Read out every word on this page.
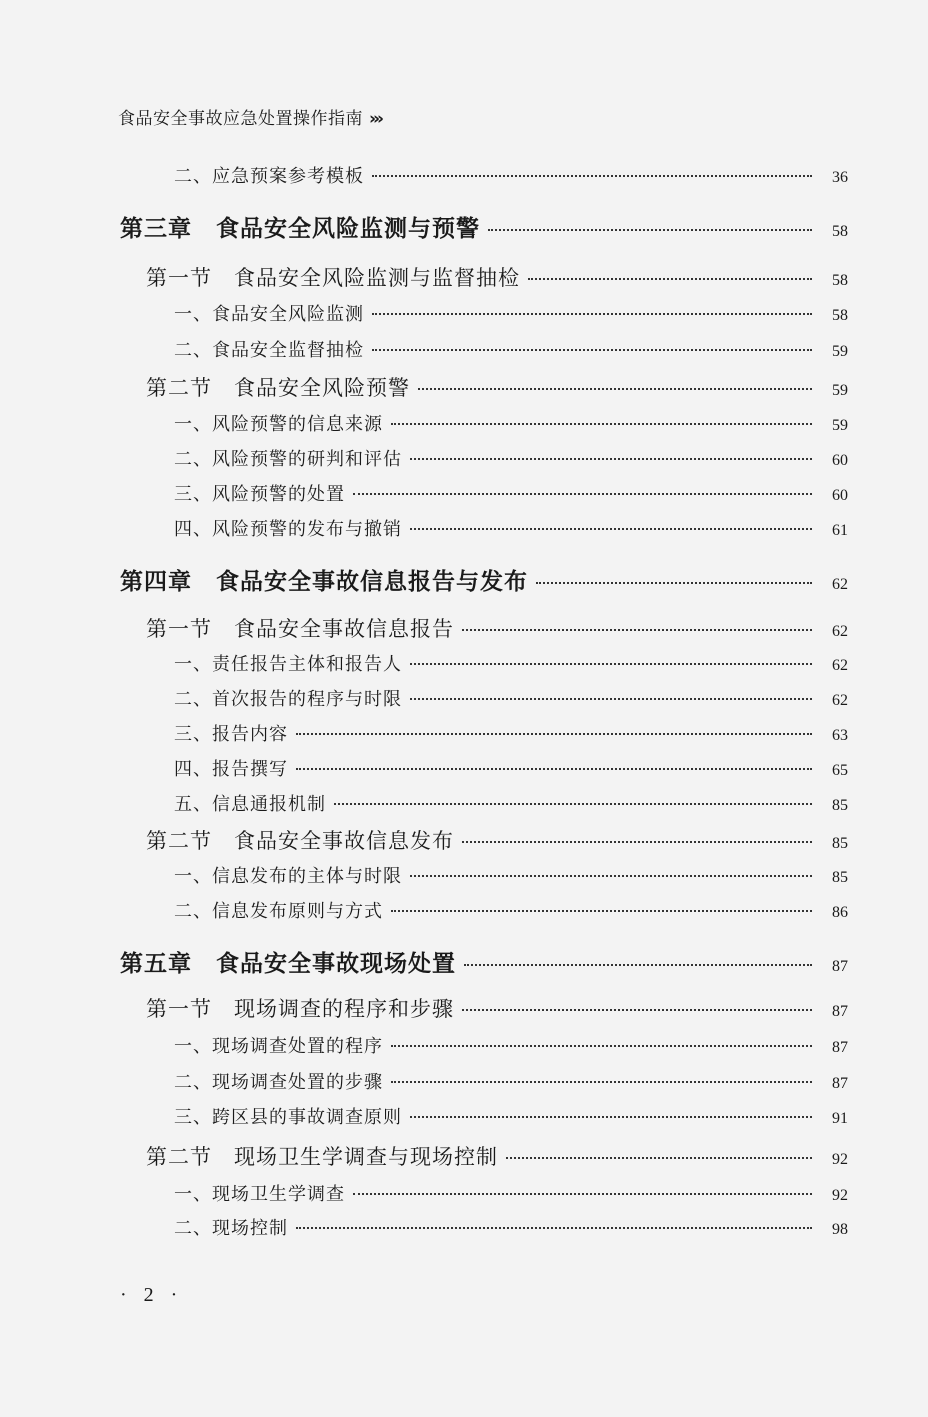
食品安全事故应急处置操作指南 ›››
二、应急预案参考模板	36
第三章　食品安全风险监测与预警	58
第一节　食品安全风险监测与监督抽检	58
一、食品安全风险监测	58
二、食品安全监督抽检	59
第二节　食品安全风险预警	59
一、风险预警的信息来源	59
二、风险预警的研判和评估	60
三、风险预警的处置	60
四、风险预警的发布与撤销	61
第四章　食品安全事故信息报告与发布	62
第一节　食品安全事故信息报告	62
一、责任报告主体和报告人	62
二、首次报告的程序与时限	62
三、报告内容	63
四、报告撰写	65
五、信息通报机制	85
第二节　食品安全事故信息发布	85
一、信息发布的主体与时限	85
二、信息发布原则与方式	86
第五章　食品安全事故现场处置	87
第一节　现场调查的程序和步骤	87
一、现场调查处置的程序	87
二、现场调查处置的步骤	87
三、跨区县的事故调查原则	91
第二节　现场卫生学调查与现场控制	92
一、现场卫生学调查	92
二、现场控制	98
· 2 ·
